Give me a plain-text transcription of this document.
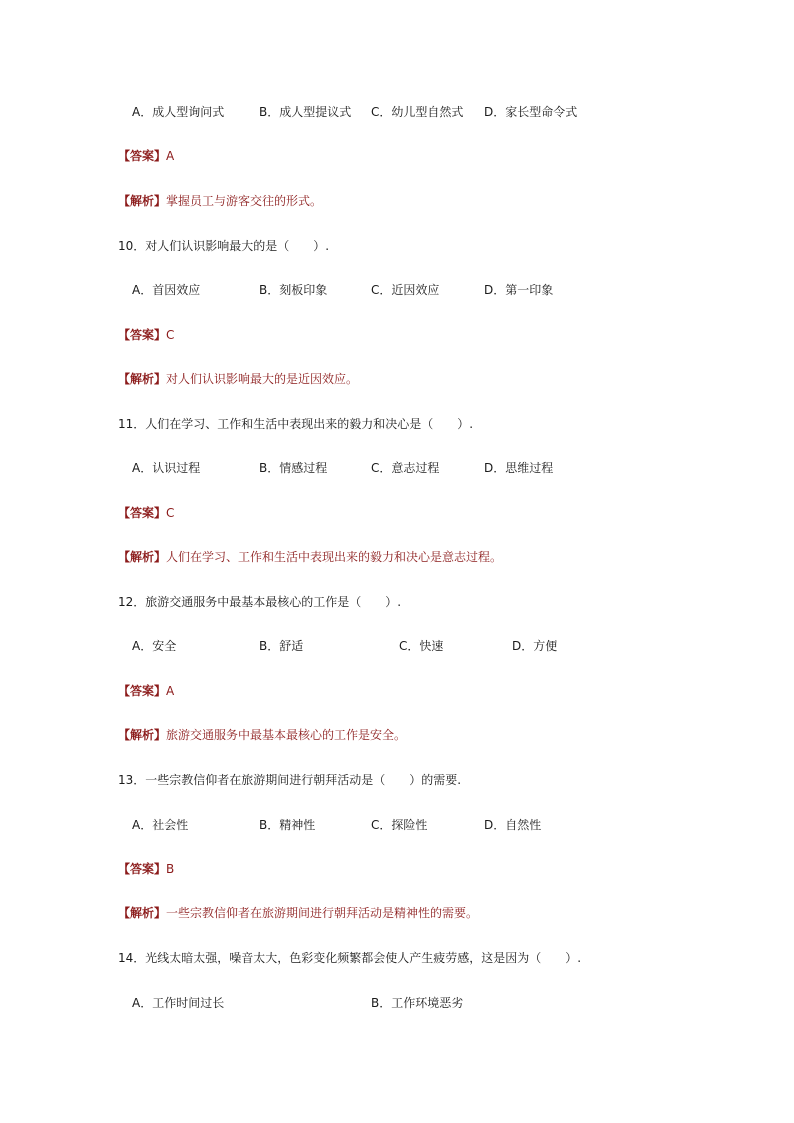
A．成人型询问式	B．成人型提议式 C．幼儿型自然式 D．家长型命令式
【答案】A
【解析】掌握员工与游客交往的形式。
10．对人们认识影响最大的是（　　）.
A．首因效应	B．刻板印象	C．近因效应	D．第一印象
【答案】C
【解析】对人们认识影响最大的是近因效应。
11．人们在学习、工作和生活中表现出来的毅力和决心是（　　）.
A．认识过程	B．情感过程	C．意志过程	D．思维过程
【答案】C
【解析】人们在学习、工作和生活中表现出来的毅力和决心是意志过程。
12．旅游交通服务中最基本最核心的工作是（　　）.
A．安全	B．舒适	C．快速	D．方便
【答案】A
【解析】旅游交通服务中最基本最核心的工作是安全。
13．一些宗教信仰者在旅游期间进行朝拜活动是（　　）的需要.
A．社会性	B．精神性	C．探险性	D．自然性
【答案】B
【解析】一些宗教信仰者在旅游期间进行朝拜活动是精神性的需要。
14．光线太暗太强，噪音太大，色彩变化频繁都会使人产生疲劳感，这是因为（　　）.
A．工作时间过长	B．工作环境恶劣
